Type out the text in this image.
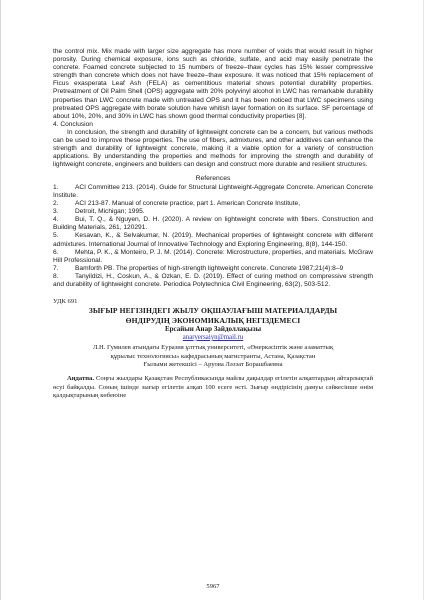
the control mix. Mix made with larger size aggregate has more number of voids that would result in higher porosity. During chemical exposure, ions such as chloride, sulfate, and acid may easily penetrate the concrete. Foamed concrete subjected to 15 numbers of freeze–thaw cycles has 15% lesser compressive strength than concrete which does not have freeze–thaw exposure. It was noticed that 15% replacement of Ficus exasperata Leaf Ash (FELA) as cementitious material shows potential durability properties. Pretreatment of Oil Palm Shell (OPS) aggregate with 20% polyvinyl alcohol in LWC has remarkable durability properties than LWC concrete made with untreated OPS and it has been noticed that LWC specimens using pretreated OPS aggregate with borate solution have whitish layer formation on its surface. SF percentage of about 10%, 20%, and 30% in LWC has shown good thermal conductivity properties [8].

4. Conclusion

In conclusion, the strength and durability of lightweight concrete can be a concern, but various methods can be used to improve these properties. The use of fibers, admixtures, and other additives can enhance the strength and durability of lightweight concrete, making it a viable option for a variety of construction applications. By understanding the properties and methods for improving the strength and durability of lightweight concrete, engineers and builders can design and construct more durable and resilient structures.

References

1.	ACI Committee 213. (2014). Guide for Structural Lightweight-Aggregate Concrete. American Concrete Institute.

2.	ACI 213-87. Manual of concrete practice, part 1. American Concrete Institute,

3.	Detroit, Michigan; 1995.

4.	Bui, T. Q., & Nguyen, D. H. (2020). A review on lightweight concrete with fibers. Construction and Building Materials, 261, 120291.

5.	Kesavan, K., & Selvakumar, N. (2019). Mechanical properties of lightweight concrete with different admixtures. International Journal of Innovative Technology and Exploring Engineering, 8(8), 144-150.

6.	Mehta, P. K., & Monteiro, P. J. M. (2014). Concrete: Microstructure, properties, and materials. McGraw Hill Professional.

7.	Bamforth PB. The properties of high-strength lightweight concrete. Concrete 1987;21(4):8–9

8.	Tanyildizi, H., Coskun, A., & Ozkan, E. D. (2019). Effect of curing method on compressive strength and durability of lightweight concrete. Periodica Polytechnica Civil Engineering, 63(2), 503-512.

УДК 691

ЗЫҒЫР НЕГІЗІНДЕГІ ЖЫЛУ ОҚШАУЛАҒЫШ МАТЕРИАЛДАРДЫ

ӨНДІРУДІҢ ЭКОНОМИКАЛЫҚ НЕГІЗДЕМЕСІ

Ерсайын Анар Зайдоллақызы

anaryersaiyn@mail.ru

Л.Н. Гумилев атындағы Еуразия ұлттық университеті, «Өнеркәсіптік және азаматтық

құрылыс технологиясы» кафедрасының магистранты, Астана, Қазақстан

Ғылыми жетекшісі – Аруова Ләззат Борашбаевна

Аңдатпа. Соңғы жылдары Қазақстан Республикасында майлы дақылдар егілетін алқаптардың айтарлықтай өсуі байқалды. Соның ішінде зығыр егілетін алқап 100 есеге өсті. Зығыр өндірісінің дамуы сәйкесінше өнім қалдықтарының көбеюіне

5967
